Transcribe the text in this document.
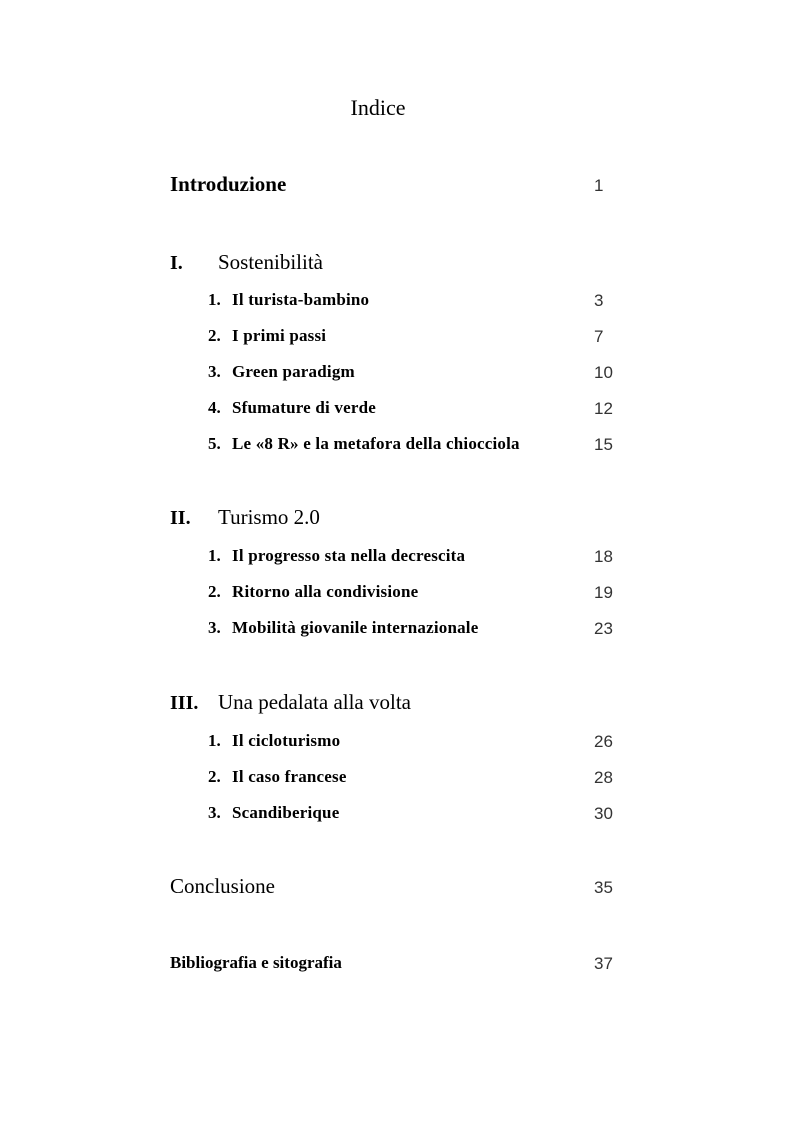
Indice
Introduzione	1
I. Sostenibilità
1. Il turista-bambino	3
2. I primi passi	7
3. Green paradigm	10
4. Sfumature di verde	12
5. Le «8 R» e la metafora della chiocciola	15
II. Turismo 2.0
1. Il progresso sta nella decrescita	18
2. Ritorno alla condivisione	19
3. Mobilità giovanile internazionale	23
III. Una pedalata alla volta
1. Il cicloturismo	26
2. Il caso francese	28
3. Scandiberique	30
Conclusione	35
Bibliografia e sitografia	37
